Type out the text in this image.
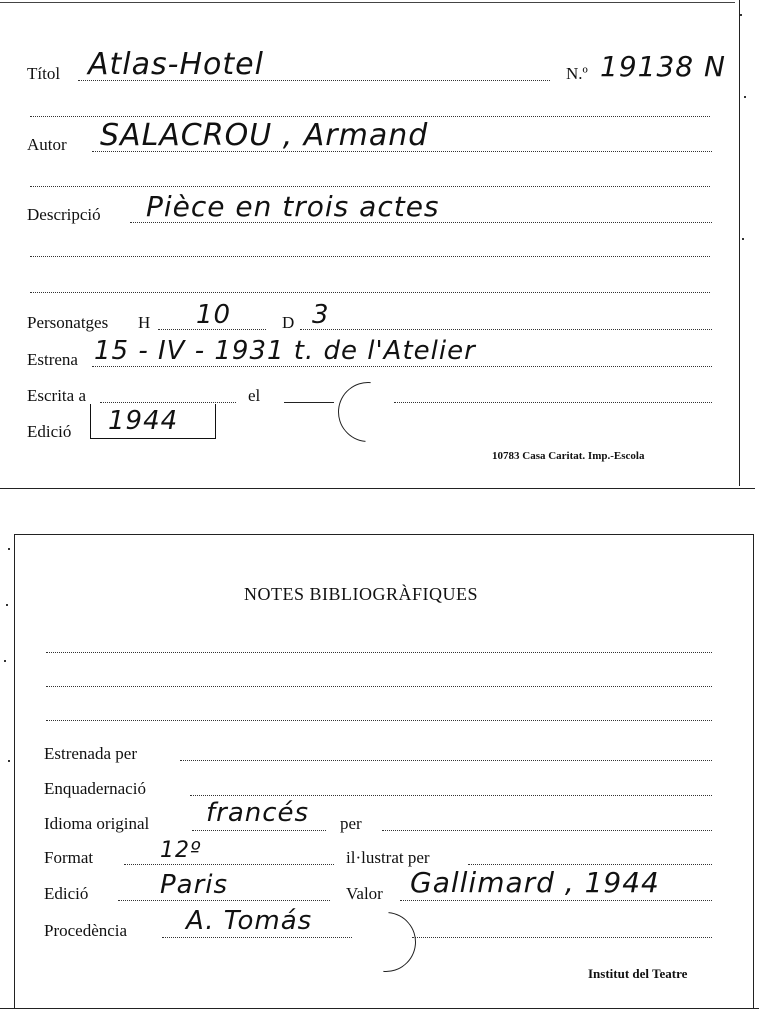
Títol Atlas-Hotel	N.º 19138 N
Autor SALACROU , Armand
Descripció Pièce en trois actes
Personatges H 10	D 3
Estrena 15 - IV - 1931 t. de l'Atelier
Escrita a	el
Edició 1944
10783 Casa Caritat. Imp.-Escola
NOTES BIBLIOGRÀFIQUES
Estrenada per
Enquadernació
Idioma original francés per
Format	12º	il·lustrat per
Edició	Paris	Valor Gallimard , 1944
Procedència A. Tomás
Institut del Teatre
